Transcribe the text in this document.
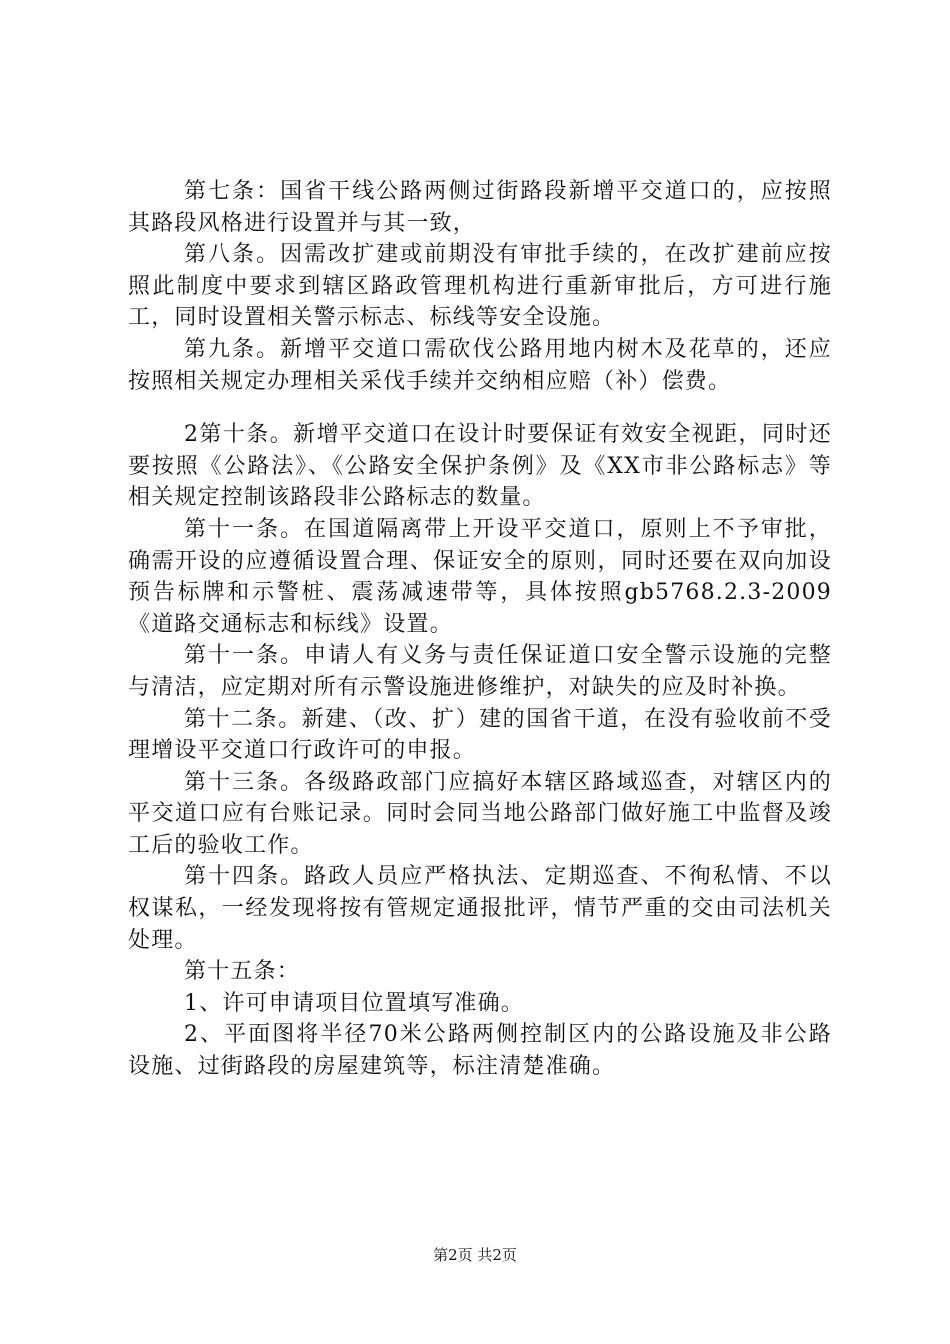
第七条：国省干线公路两侧过街路段新增平交道口的，应按照其路段风格进行设置并与其一致，

第八条。因需改扩建或前期没有审批手续的，在改扩建前应按照此制度中要求到辖区路政管理机构进行重新审批后，方可进行施工，同时设置相关警示标志、标线等安全设施。

第九条。新增平交道口需砍伐公路用地内树木及花草的，还应按照相关规定办理相关采伐手续并交纳相应赔（补）偿费。

2第十条。新增平交道口在设计时要保证有效安全视距，同时还要按照《公路法》、《公路安全保护条例》及《XX市非公路标志》等相关规定控制该路段非公路标志的数量。

第十一条。在国道隔离带上开设平交道口，原则上不予审批，确需开设的应遵循设置合理、保证安全的原则，同时还要在双向加设预告标牌和示警桩、震荡减速带等，具体按照gb5768.2.3-2009《道路交通标志和标线》设置。

第十一条。申请人有义务与责任保证道口安全警示设施的完整与清洁，应定期对所有示警设施进修维护，对缺失的应及时补换。

第十二条。新建、（改、扩）建的国省干道，在没有验收前不受理增设平交道口行政许可的申报。

第十三条。各级路政部门应搞好本辖区路域巡查，对辖区内的平交道口应有台账记录。同时会同当地公路部门做好施工中监督及竣工后的验收工作。

第十四条。路政人员应严格执法、定期巡查、不徇私情、不以权谋私，一经发现将按有管规定通报批评，情节严重的交由司法机关处理。

第十五条：

1、许可申请项目位置填写准确。

2、平面图将半径70米公路两侧控制区内的公路设施及非公路设施、过街路段的房屋建筑等，标注清楚准确。

第2页 共2页
